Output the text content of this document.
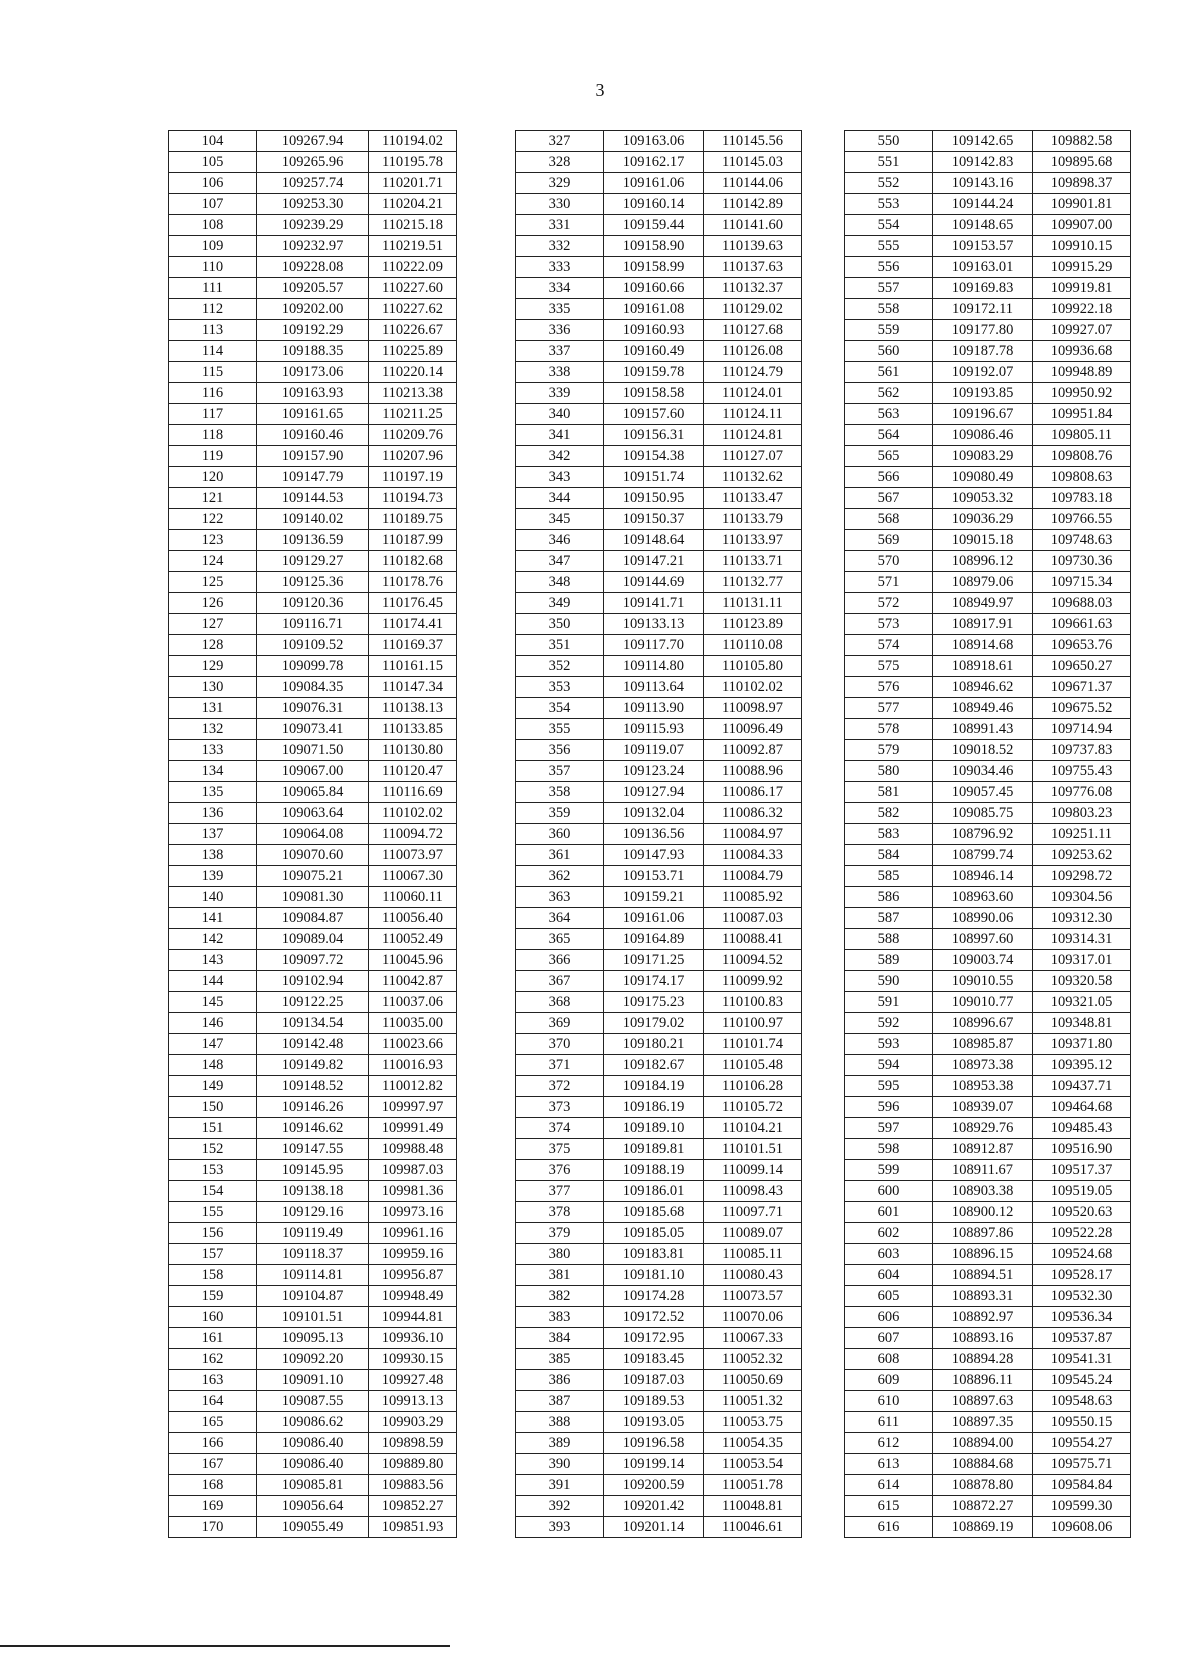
3
104	109267.94	110194.02
105	109265.96	110195.78
106	109257.74	110201.71
107	109253.30	110204.21
108	109239.29	110215.18
109	109232.97	110219.51
110	109228.08	110222.09
111	109205.57	110227.60
112	109202.00	110227.62
113	109192.29	110226.67
114	109188.35	110225.89
115	109173.06	110220.14
116	109163.93	110213.38
117	109161.65	110211.25
118	109160.46	110209.76
119	109157.90	110207.96
120	109147.79	110197.19
121	109144.53	110194.73
122	109140.02	110189.75
123	109136.59	110187.99
124	109129.27	110182.68
125	109125.36	110178.76
126	109120.36	110176.45
127	109116.71	110174.41
128	109109.52	110169.37
129	109099.78	110161.15
130	109084.35	110147.34
131	109076.31	110138.13
132	109073.41	110133.85
133	109071.50	110130.80
134	109067.00	110120.47
135	109065.84	110116.69
136	109063.64	110102.02
137	109064.08	110094.72
138	109070.60	110073.97
139	109075.21	110067.30
140	109081.30	110060.11
141	109084.87	110056.40
142	109089.04	110052.49
143	109097.72	110045.96
144	109102.94	110042.87
145	109122.25	110037.06
146	109134.54	110035.00
147	109142.48	110023.66
148	109149.82	110016.93
149	109148.52	110012.82
150	109146.26	109997.97
151	109146.62	109991.49
152	109147.55	109988.48
153	109145.95	109987.03
154	109138.18	109981.36
155	109129.16	109973.16
156	109119.49	109961.16
157	109118.37	109959.16
158	109114.81	109956.87
159	109104.87	109948.49
160	109101.51	109944.81
161	109095.13	109936.10
162	109092.20	109930.15
163	109091.10	109927.48
164	109087.55	109913.13
165	109086.62	109903.29
166	109086.40	109898.59
167	109086.40	109889.80
168	109085.81	109883.56
169	109056.64	109852.27
170	109055.49	109851.93
327	109163.06	110145.56
328	109162.17	110145.03
329	109161.06	110144.06
330	109160.14	110142.89
331	109159.44	110141.60
332	109158.90	110139.63
333	109158.99	110137.63
334	109160.66	110132.37
335	109161.08	110129.02
336	109160.93	110127.68
337	109160.49	110126.08
338	109159.78	110124.79
339	109158.58	110124.01
340	109157.60	110124.11
341	109156.31	110124.81
342	109154.38	110127.07
343	109151.74	110132.62
344	109150.95	110133.47
345	109150.37	110133.79
346	109148.64	110133.97
347	109147.21	110133.71
348	109144.69	110132.77
349	109141.71	110131.11
350	109133.13	110123.89
351	109117.70	110110.08
352	109114.80	110105.80
353	109113.64	110102.02
354	109113.90	110098.97
355	109115.93	110096.49
356	109119.07	110092.87
357	109123.24	110088.96
358	109127.94	110086.17
359	109132.04	110086.32
360	109136.56	110084.97
361	109147.93	110084.33
362	109153.71	110084.79
363	109159.21	110085.92
364	109161.06	110087.03
365	109164.89	110088.41
366	109171.25	110094.52
367	109174.17	110099.92
368	109175.23	110100.83
369	109179.02	110100.97
370	109180.21	110101.74
371	109182.67	110105.48
372	109184.19	110106.28
373	109186.19	110105.72
374	109189.10	110104.21
375	109189.81	110101.51
376	109188.19	110099.14
377	109186.01	110098.43
378	109185.68	110097.71
379	109185.05	110089.07
380	109183.81	110085.11
381	109181.10	110080.43
382	109174.28	110073.57
383	109172.52	110070.06
384	109172.95	110067.33
385	109183.45	110052.32
386	109187.03	110050.69
387	109189.53	110051.32
388	109193.05	110053.75
389	109196.58	110054.35
390	109199.14	110053.54
391	109200.59	110051.78
392	109201.42	110048.81
393	109201.14	110046.61
550	109142.65	109882.58
551	109142.83	109895.68
552	109143.16	109898.37
553	109144.24	109901.81
554	109148.65	109907.00
555	109153.57	109910.15
556	109163.01	109915.29
557	109169.83	109919.81
558	109172.11	109922.18
559	109177.80	109927.07
560	109187.78	109936.68
561	109192.07	109948.89
562	109193.85	109950.92
563	109196.67	109951.84
564	109086.46	109805.11
565	109083.29	109808.76
566	109080.49	109808.63
567	109053.32	109783.18
568	109036.29	109766.55
569	109015.18	109748.63
570	108996.12	109730.36
571	108979.06	109715.34
572	108949.97	109688.03
573	108917.91	109661.63
574	108914.68	109653.76
575	108918.61	109650.27
576	108946.62	109671.37
577	108949.46	109675.52
578	108991.43	109714.94
579	109018.52	109737.83
580	109034.46	109755.43
581	109057.45	109776.08
582	109085.75	109803.23
583	108796.92	109251.11
584	108799.74	109253.62
585	108946.14	109298.72
586	108963.60	109304.56
587	108990.06	109312.30
588	108997.60	109314.31
589	109003.74	109317.01
590	109010.55	109320.58
591	109010.77	109321.05
592	108996.67	109348.81
593	108985.87	109371.80
594	108973.38	109395.12
595	108953.38	109437.71
596	108939.07	109464.68
597	108929.76	109485.43
598	108912.87	109516.90
599	108911.67	109517.37
600	108903.38	109519.05
601	108900.12	109520.63
602	108897.86	109522.28
603	108896.15	109524.68
604	108894.51	109528.17
605	108893.31	109532.30
606	108892.97	109536.34
607	108893.16	109537.87
608	108894.28	109541.31
609	108896.11	109545.24
610	108897.63	109548.63
611	108897.35	109550.15
612	108894.00	109554.27
613	108884.68	109575.71
614	108878.80	109584.84
615	108872.27	109599.30
616	108869.19	109608.06
